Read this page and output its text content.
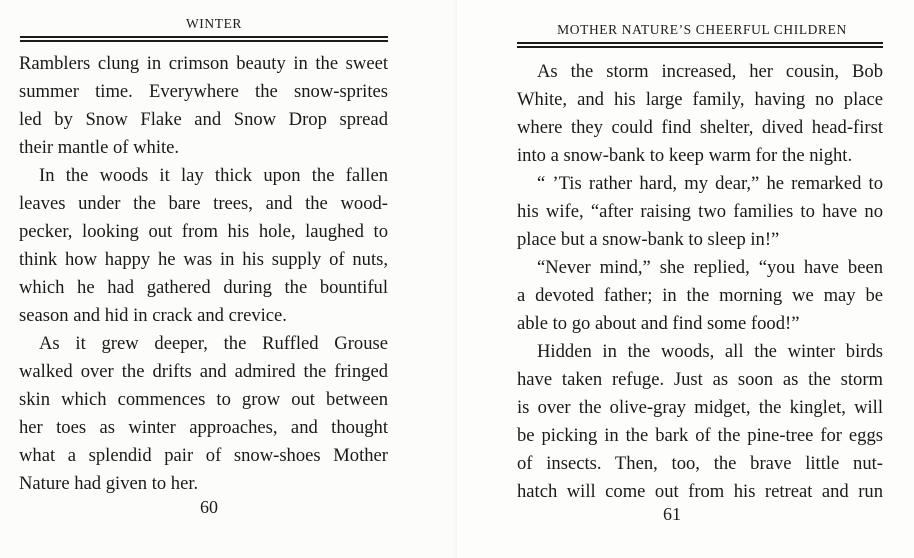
WINTER
Ramblers clung in crimson beauty in the sweet
summer time. Everywhere the snow-sprites
led by Snow Flake and Snow Drop spread
their mantle of white.
In the woods it lay thick upon the fallen
leaves under the bare trees, and the wood-
pecker, looking out from his hole, laughed to
think how happy he was in his supply of nuts,
which he had gathered during the bountiful
season and hid in crack and crevice.
As it grew deeper, the Ruffled Grouse
walked over the drifts and admired the fringed
skin which commences to grow out between
her toes as winter approaches, and thought
what a splendid pair of snow-shoes Mother
Nature had given to her.
60
MOTHER NATURE’S CHEERFUL CHILDREN
As the storm increased, her cousin, Bob
White, and his large family, having no place
where they could find shelter, dived head-first
into a snow-bank to keep warm for the night.
“ ’Tis rather hard, my dear,” he remarked to
his wife, “after raising two families to have no
place but a snow-bank to sleep in!”
“Never mind,” she replied, “you have been
a devoted father; in the morning we may be
able to go about and find some food!”
Hidden in the woods, all the winter birds
have taken refuge. Just as soon as the storm
is over the olive-gray midget, the kinglet, will
be picking in the bark of the pine-tree for eggs
of insects. Then, too, the brave little nut-
hatch will come out from his retreat and run
61
